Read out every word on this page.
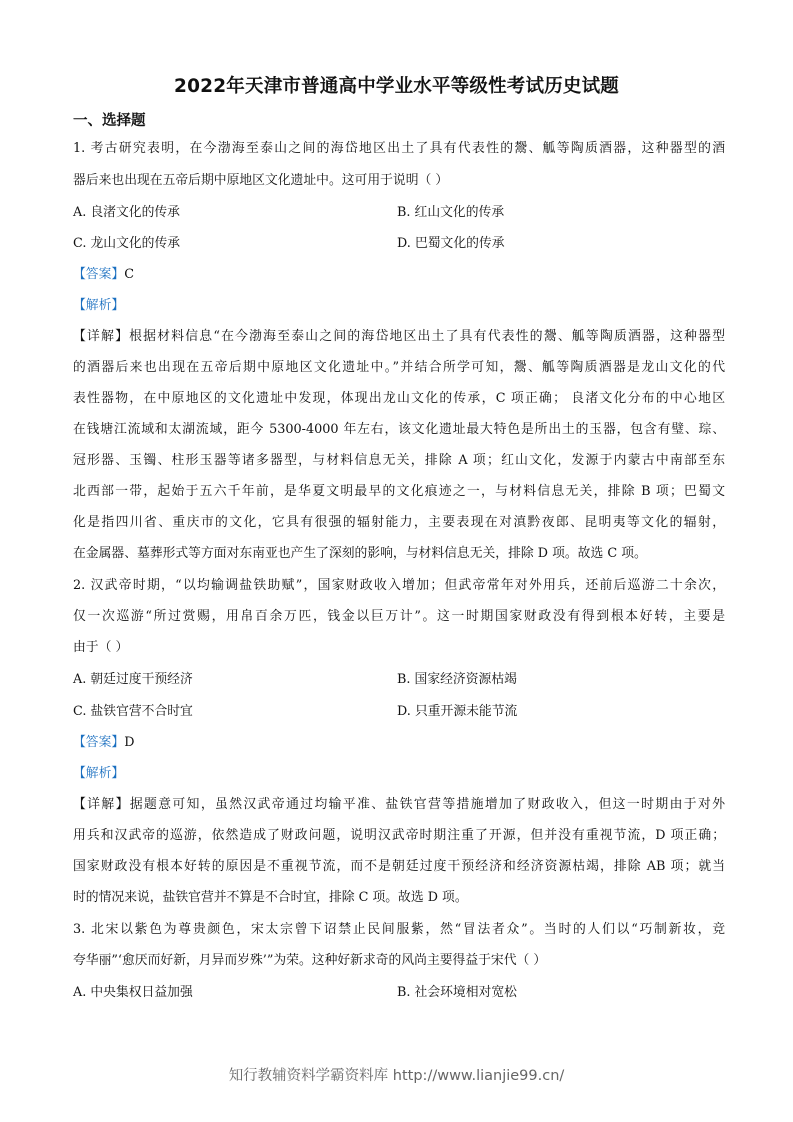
2022年天津市普通高中学业水平等级性考试历史试题
一、选择题
1. 考古研究表明，在今渤海至泰山之间的海岱地区出土了具有代表性的鬶、觚等陶质酒器，这种器型的酒
器后来也出现在五帝后期中原地区文化遗址中。这可用于说明（ ）
A. 良渚文化的传承	B. 红山文化的传承
C. 龙山文化的传承	D. 巴蜀文化的传承
【答案】C
【解析】
【详解】根据材料信息“在今渤海至泰山之间的海岱地区出土了具有代表性的鬶、觚等陶质酒器，这种器型
的酒器后来也出现在五帝后期中原地区文化遗址中。”并结合所学可知，鬶、觚等陶质酒器是龙山文化的代
表性器物，在中原地区的文化遗址中发现，体现出龙山文化的传承，C 项正确； 良渚文化分布的中心地区
在钱塘江流域和太湖流域，距今 5300-4000 年左右，该文化遗址最大特色是所出土的玉器，包含有璧、琮、
冠形器、玉镯、柱形玉器等诸多器型，与材料信息无关，排除 A 项；红山文化，发源于内蒙古中南部至东
北西部一带，起始于五六千年前，是华夏文明最早的文化痕迹之一，与材料信息无关，排除 B 项；巴蜀文
化是指四川省、重庆市的文化，它具有很强的辐射能力，主要表现在对滇黔夜郎、昆明夷等文化的辐射，
在金属器、墓葬形式等方面对东南亚也产生了深刻的影响，与材料信息无关，排除 D 项。故选 C 项。
2. 汉武帝时期，“以均输调盐铁助赋”，国家财政收入增加；但武帝常年对外用兵，还前后巡游二十余次，
仅一次巡游“所过赏赐，用帛百余万匹，钱金以巨万计”。这一时期国家财政没有得到根本好转，主要是
由于（ ）
A. 朝廷过度干预经济	B. 国家经济资源枯竭
C. 盐铁官营不合时宜	D. 只重开源未能节流
【答案】D
【解析】
【详解】据题意可知，虽然汉武帝通过均输平准、盐铁官营等措施增加了财政收入，但这一时期由于对外
用兵和汉武帝的巡游，依然造成了财政问题，说明汉武帝时期注重了开源，但并没有重视节流，D 项正确；
国家财政没有根本好转的原因是不重视节流，而不是朝廷过度干预经济和经济资源枯竭，排除 AB 项；就当
时的情况来说，盐铁官营并不算是不合时宜，排除 C 项。故选 D 项。
3. 北宋以紫色为尊贵颜色，宋太宗曾下诏禁止民间服紫，然“冒法者众”。当时的人们以“巧制新妆，竞
夸华丽”‘愈厌而好新，月异而岁殊’”为荣。这种好新求奇的风尚主要得益于宋代（ ）
A. 中央集权日益加强	B. 社会环境相对宽松
知行教辅资料学霸资料库 http://www.lianjie99.cn/
